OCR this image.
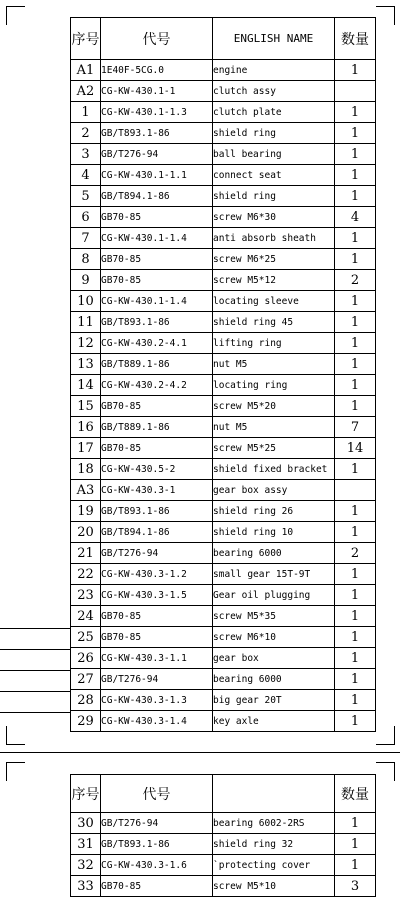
序号	代号	ENGLISH NAME	数量
A1	1E40F-5CG.0	engine	1
A2	CG-KW-430.1-1	clutch assy	
1	CG-KW-430.1-1.3	clutch plate	1
2	GB/T893.1-86	shield ring	1
3	GB/T276-94	ball bearing	1
4	CG-KW-430.1-1.1	connect seat	1
5	GB/T894.1-86	shield ring	1
6	GB70-85	screw M6*30	4
7	CG-KW-430.1-1.4	anti absorb sheath	1
8	GB70-85	screw M6*25	1
9	GB70-85	screw M5*12	2
10	CG-KW-430.1-1.4	locating sleeve	1
11	GB/T893.1-86	shield ring 45	1
12	CG-KW-430.2-4.1	lifting ring	1
13	GB/T889.1-86	nut M5	1
14	CG-KW-430.2-4.2	locating ring	1
15	GB70-85	screw M5*20	1
16	GB/T889.1-86	nut M5	7
17	GB70-85	screw M5*25	14
18	CG-KW-430.5-2	shield fixed bracket	1
A3	CG-KW-430.3-1	gear box assy	
19	GB/T893.1-86	shield ring 26	1
20	GB/T894.1-86	shield ring 10	1
21	GB/T276-94	bearing 6000	2
22	CG-KW-430.3-1.2	small gear 15T-9T	1
23	CG-KW-430.3-1.5	Gear oil plugging	1
24	GB70-85	screw M5*35	1
25	GB70-85	screw M6*10	1
26	CG-KW-430.3-1.1	gear box	1
27	GB/T276-94	bearing 6000	1
28	CG-KW-430.3-1.3	big gear 20T	1
29	CG-KW-430.3-1.4	key axle	1
序号	代号		数量
30	GB/T276-94	bearing 6002-2RS	1
31	GB/T893.1-86	shield ring 32	1
32	CG-KW-430.3-1.6	`protecting cover	1
33	GB70-85	screw M5*10	3
